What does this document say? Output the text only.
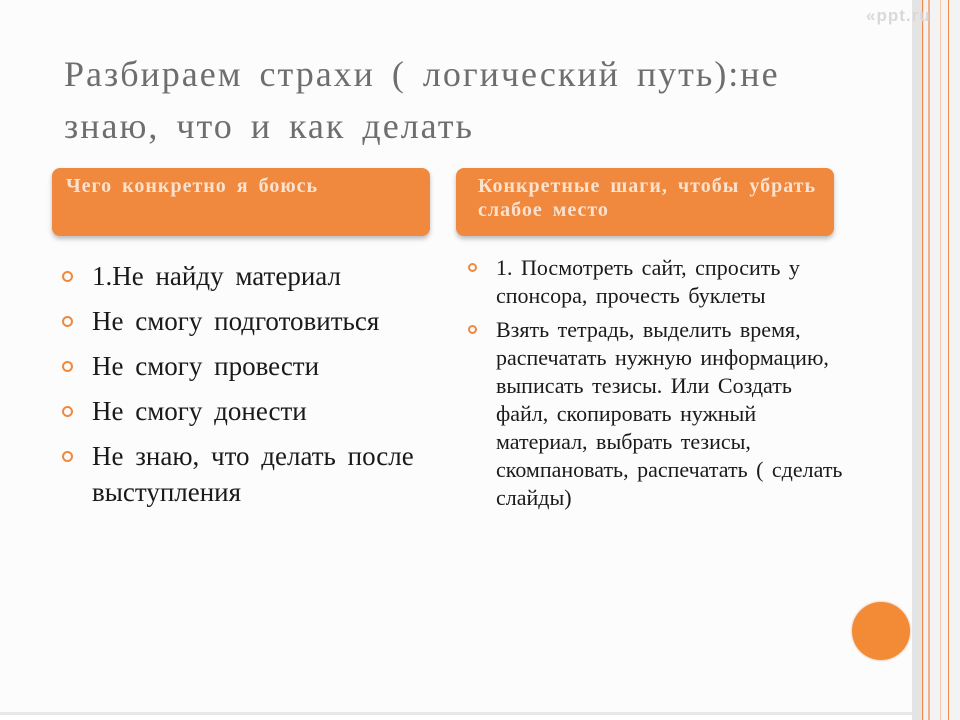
Разбираем страхи ( логический путь):не знаю, что и как делать
Чего конкретно я боюсь	Конкретные шаги, чтобы убрать слабое место
1.Не найду материал
Не смогу подготовиться
Не смогу провести
Не смогу донести
Не знаю, что делать после выступления
1. Посмотреть сайт, спросить у спонсора, прочесть буклеты
Взять тетрадь, выделить время, распечатать нужную информацию, выписать тезисы. Или Создать файл, скопировать нужный материал, выбрать тезисы, скомпановать, распечатать ( сделать слайды)
«ppt.ru
